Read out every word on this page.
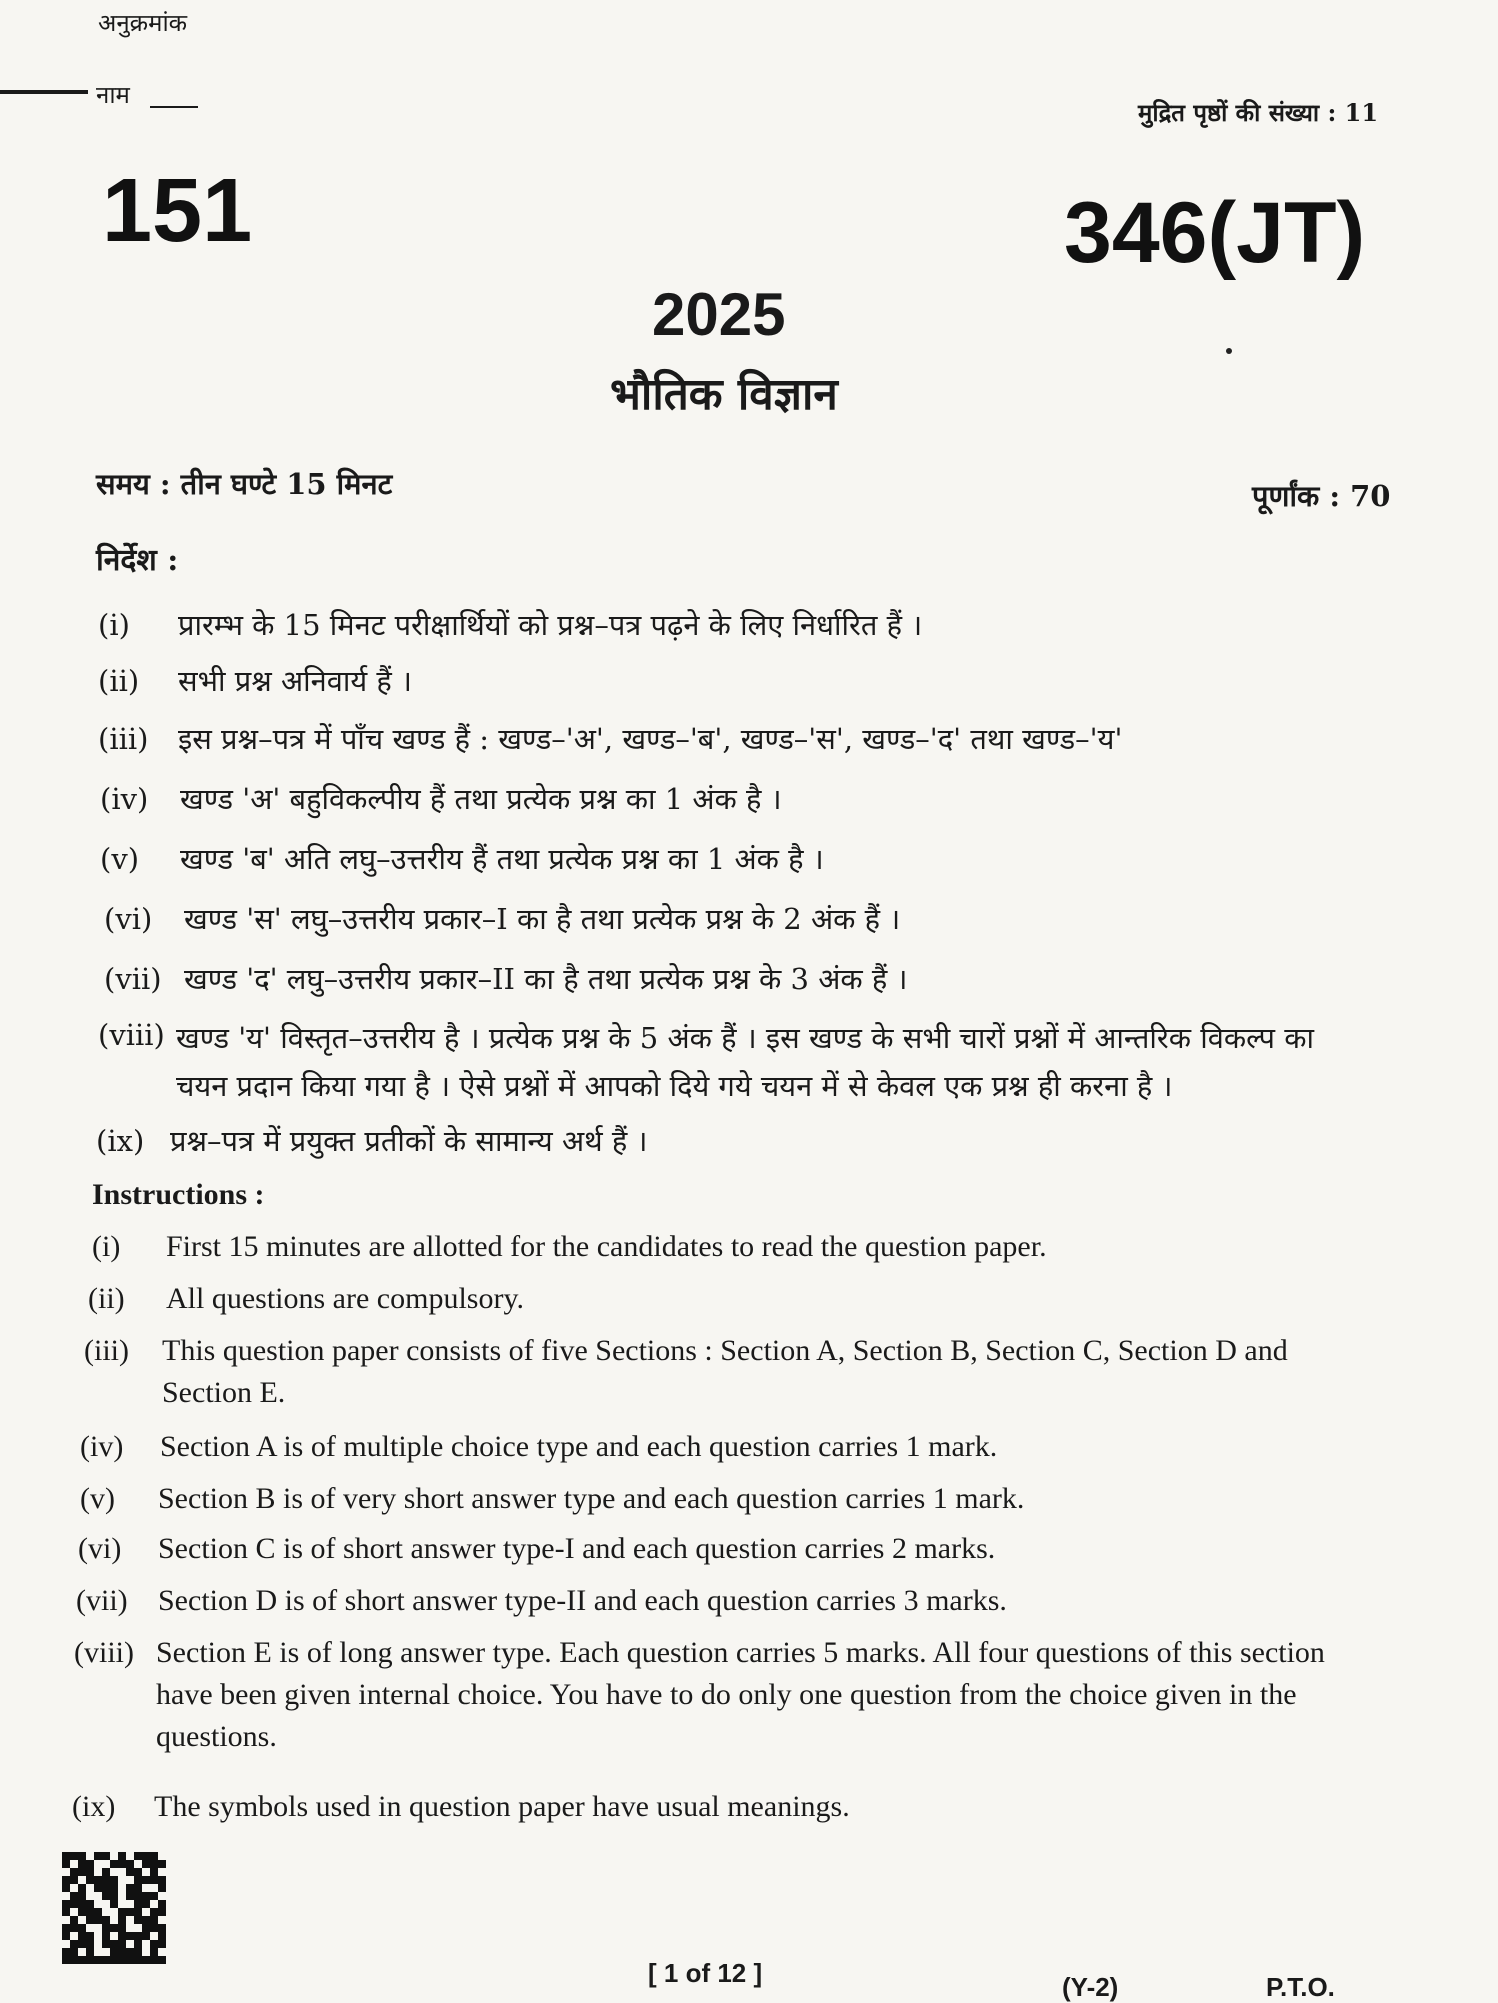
अनुक्रमांक
नाम
मुद्रित पृष्ठों की संख्या : 11
151	346(JT)
2025
भौतिक विज्ञान
समय : तीन घण्टे 15 मिनट	पूर्णांक : 70
निर्देश :
(i) प्रारम्भ के 15 मिनट परीक्षार्थियों को प्रश्न–पत्र पढ़ने के लिए निर्धारित हैं ।
(ii) सभी प्रश्न अनिवार्य हैं ।
(iii) इस प्रश्न–पत्र में पाँच खण्ड हैं : खण्ड–'अ', खण्ड–'ब', खण्ड–'स', खण्ड–'द' तथा खण्ड–'य'
(iv) खण्ड 'अ' बहुविकल्पीय हैं तथा प्रत्येक प्रश्न का 1 अंक है ।
(v) खण्ड 'ब' अति लघु–उत्तरीय हैं तथा प्रत्येक प्रश्न का 1 अंक है ।
(vi) खण्ड 'स' लघु–उत्तरीय प्रकार–I का है तथा प्रत्येक प्रश्न के 2 अंक हैं ।
(vii) खण्ड 'द' लघु–उत्तरीय प्रकार–II का है तथा प्रत्येक प्रश्न के 3 अंक हैं ।
(viii) खण्ड 'य' विस्तृत–उत्तरीय है । प्रत्येक प्रश्न के 5 अंक हैं । इस खण्ड के सभी चारों प्रश्नों में आन्तरिक विकल्प का चयन प्रदान किया गया है । ऐसे प्रश्नों में आपको दिये गये चयन में से केवल एक प्रश्न ही करना है ।
(ix) प्रश्न–पत्र में प्रयुक्त प्रतीकों के सामान्य अर्थ हैं ।
Instructions :
(i) First 15 minutes are allotted for the candidates to read the question paper.
(ii) All questions are compulsory.
(iii) This question paper consists of five Sections : Section A, Section B, Section C, Section D and Section E.
(iv) Section A is of multiple choice type and each question carries 1 mark.
(v) Section B is of very short answer type and each question carries 1 mark.
(vi) Section C is of short answer type-I and each question carries 2 marks.
(vii) Section D is of short answer type-II and each question carries 3 marks.
(viii) Section E is of long answer type. Each question carries 5 marks. All four questions of this section have been given internal choice. You have to do only one question from the choice given in the questions.
(ix) The symbols used in question paper have usual meanings.
[ 1 of 12 ]	(Y-2)	P.T.O.
